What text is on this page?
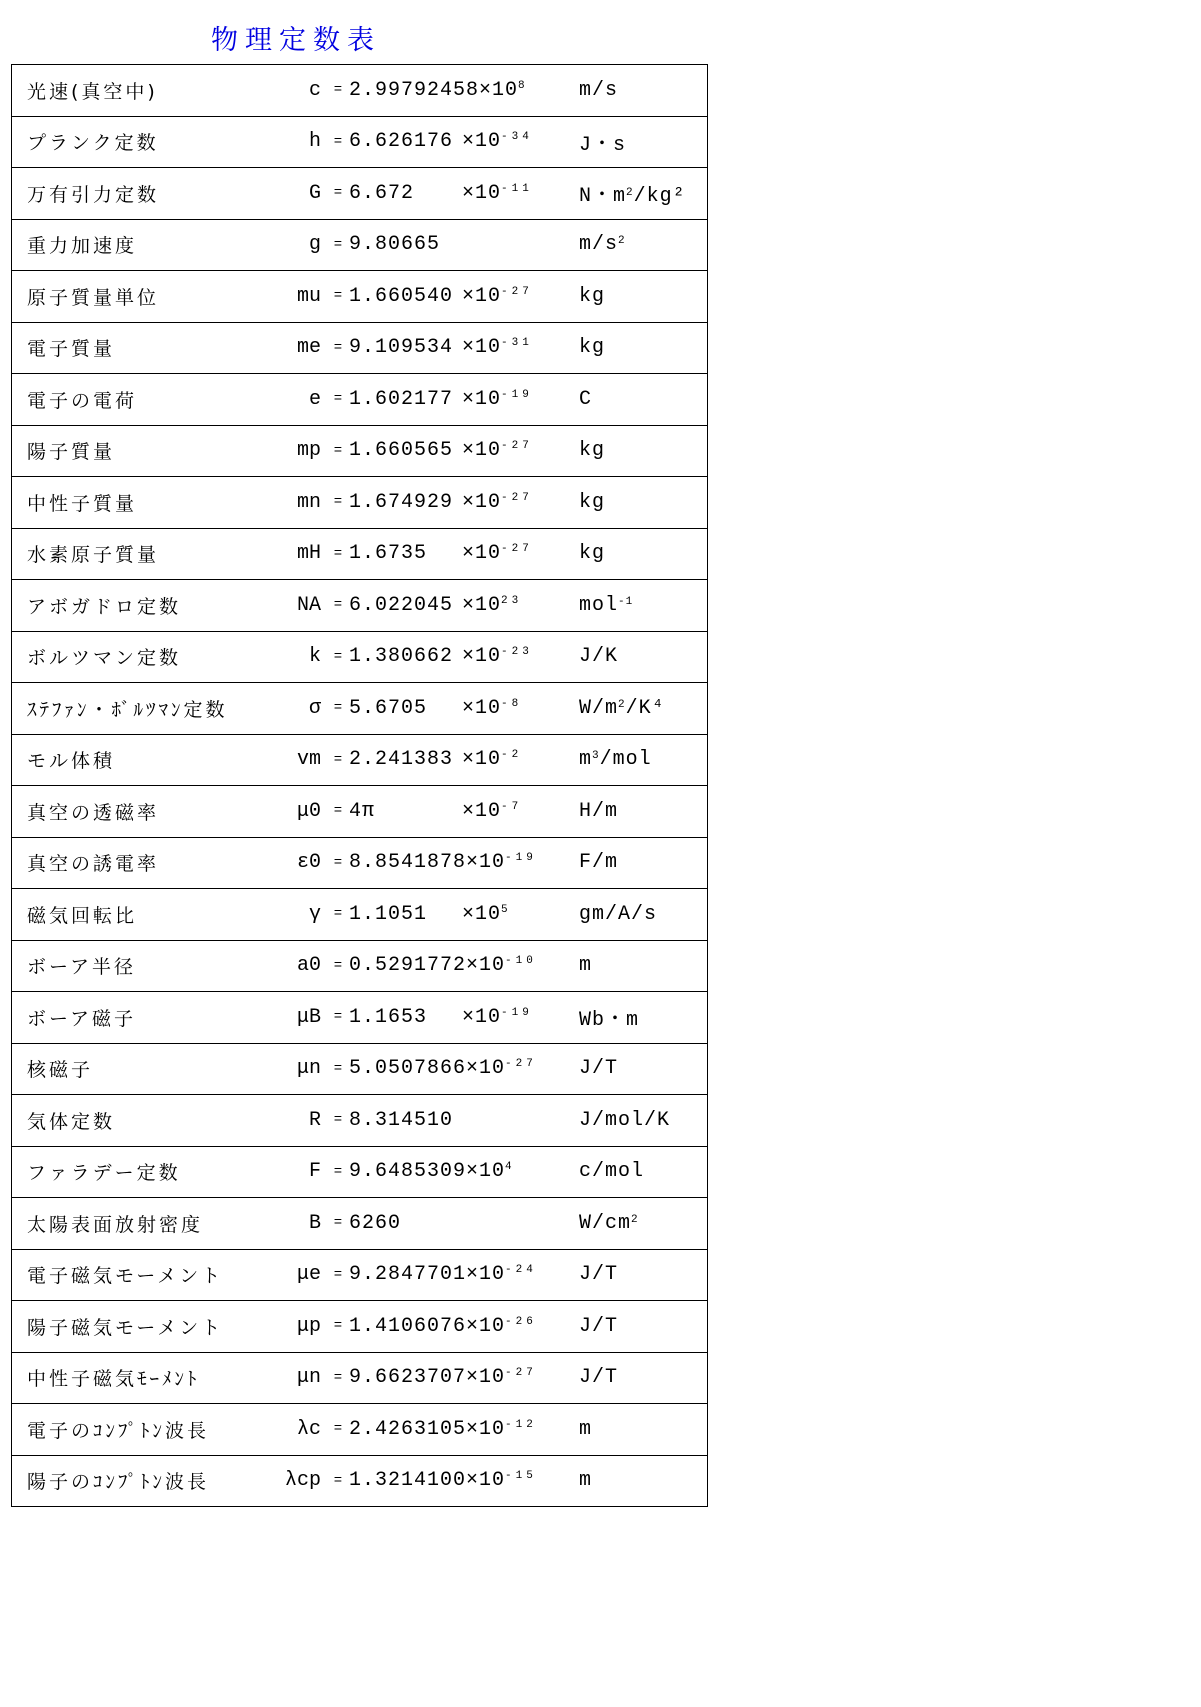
物理定数表
光速(真空中)	c	=	$2.99792458\times 10^8$	m/s
プランク定数	h	=	$6.626176 \times 10^{-34}$	J・s
万有引力定数	G	=	$6.672 \times 10^{-11}$	N・$m^2$/kg²
重力加速度	g	=	9.80665	$m/s^2$
原子質量単位	mu	=	$1.660540 \times 10^{-27}$	kg
電子質量	me	=	$9.109534 \times 10^{-31}$	kg
電子の電荷	e	=	$1.602177 \times 10^{-19}$	C
陽子質量	mp	=	$1.660565 \times 10^{-27}$	kg
中性子質量	mn	=	$1.674929 \times 10^{-27}$	kg
水素原子質量	mH	=	$1.6735 \times 10^{-27}$	kg
アボガドロ定数	NA	=	$6.022045 \times 10^{23}$	mol$^{-1}$
ボルツマン定数	k	=	$1.380662 \times 10^{-23}$	J/K
ｽﾃﾌｧﾝ・ﾎﾞﾙﾂﾏﾝ定数	σ	=	$5.6705 \times 10^{-8}$	$W/m^2/K^4$
モル体積	vm	=	$2.241383 \times 10^{-2}$	$m^3$/mol
真空の透磁率	μ0	=	$4\pi \times 10^{-7}$	H/m
真空の誘電率	ε0	=	$8.8541878\times 10^{-19}$	F/m
磁気回転比	γ	=	$1.1051 \times 10^5$	gm/A/s
ボーア半径	a0	=	$0.5291772\times 10^{-10}$	m
ボーア磁子	μB	=	$1.1653 \times 10^{-19}$	Wb・m
核磁子	μn	=	$5.0507866\times 10^{-27}$	J/T
気体定数	R	=	8.314510	J/mol/K
ファラデー定数	F	=	$9.6485309\times 10^4$	c/mol
太陽表面放射密度	B	=	6260	$W/cm^2$
電子磁気モーメント	μe	=	$9.2847701\times 10^{-24}$	J/T
陽子磁気モーメント	μp	=	$1.4106076\times 10^{-26}$	J/T
中性子磁気ﾓｰﾒﾝﾄ	μn	=	$9.6623707\times 10^{-27}$	J/T
電子のｺﾝﾌﾟﾄﾝ波長	λc	=	$2.4263105\times 10^{-12}$	m
陽子のｺﾝﾌﾟﾄﾝ波長	λcp	=	$1.3214100\times 10^{-15}$	m
